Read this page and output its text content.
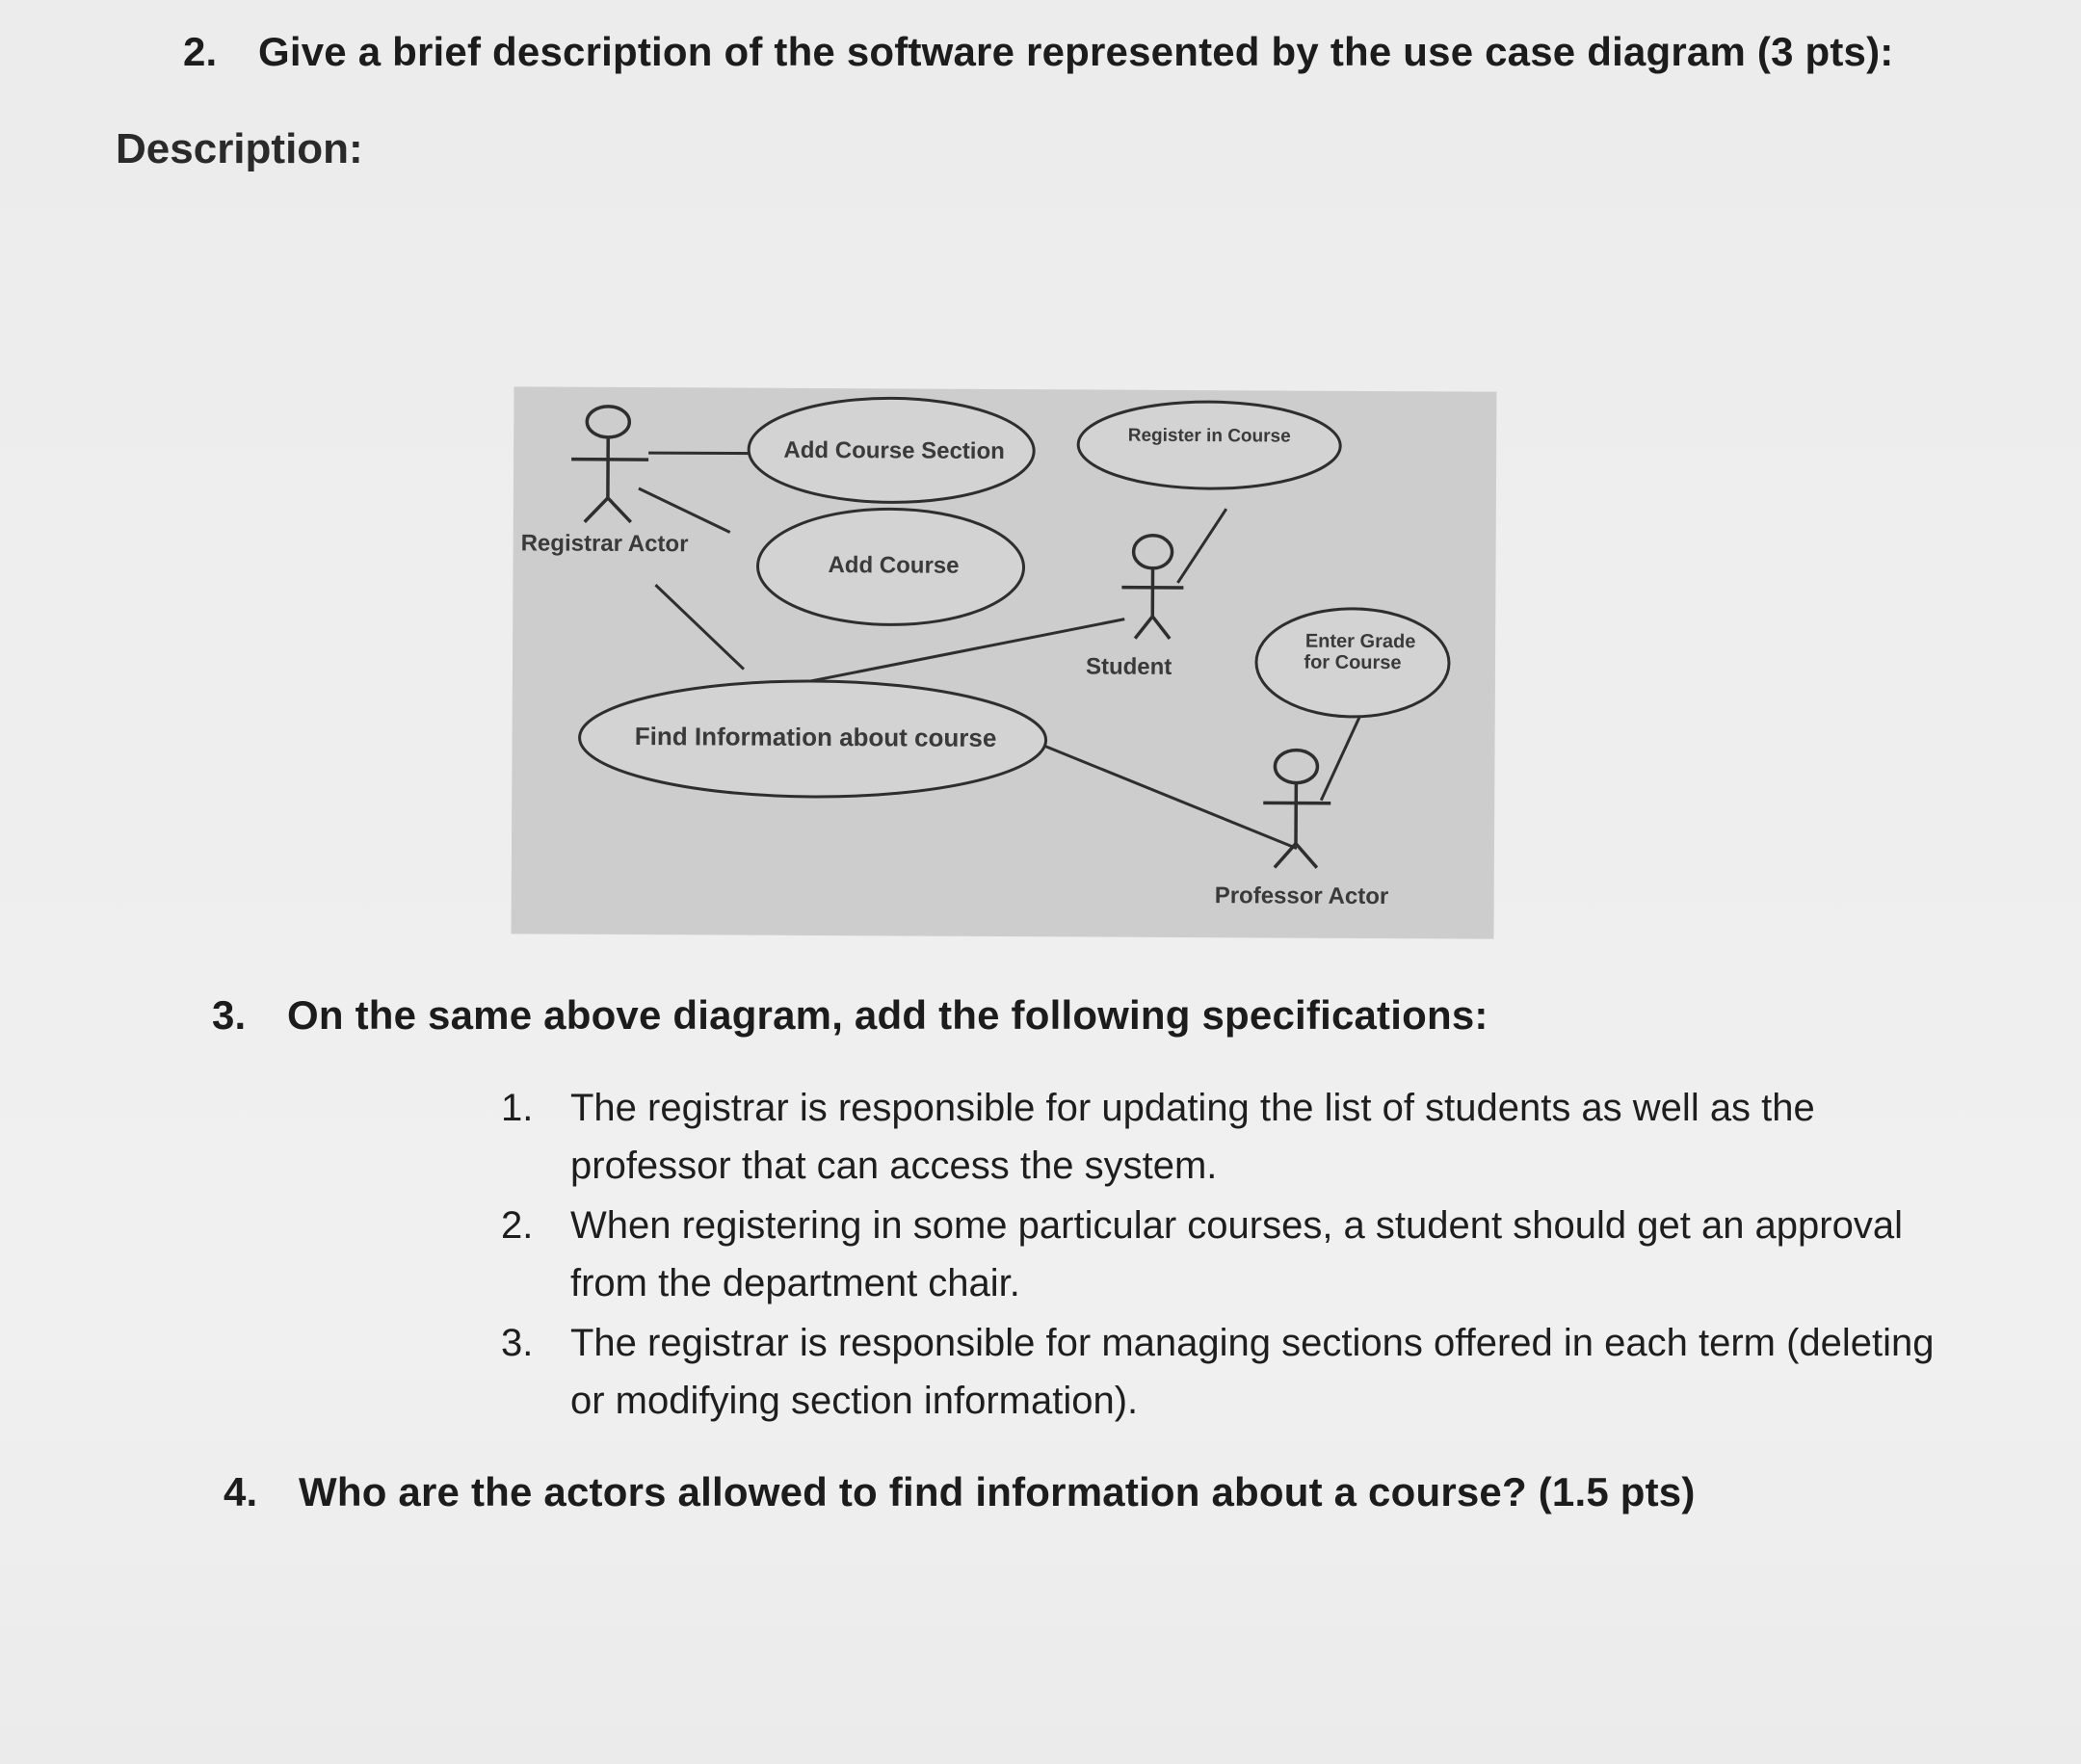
2. Give a brief description of the software represented by the use case diagram (3 pts):
Description:
Add Course Section
Add Course
Register in Course
Enter Grade
for Course
Find Information about course
Registrar Actor
Student
Professor Actor
3. On the same above diagram, add the following specifications:
1. The registrar is responsible for updating the list of students as well as the professor that can access the system.
2. When registering in some particular courses, a student should get an approval from the department chair.
3. The registrar is responsible for managing sections offered in each term (deleting or modifying section information).
4. Who are the actors allowed to find information about a course? (1.5 pts)
